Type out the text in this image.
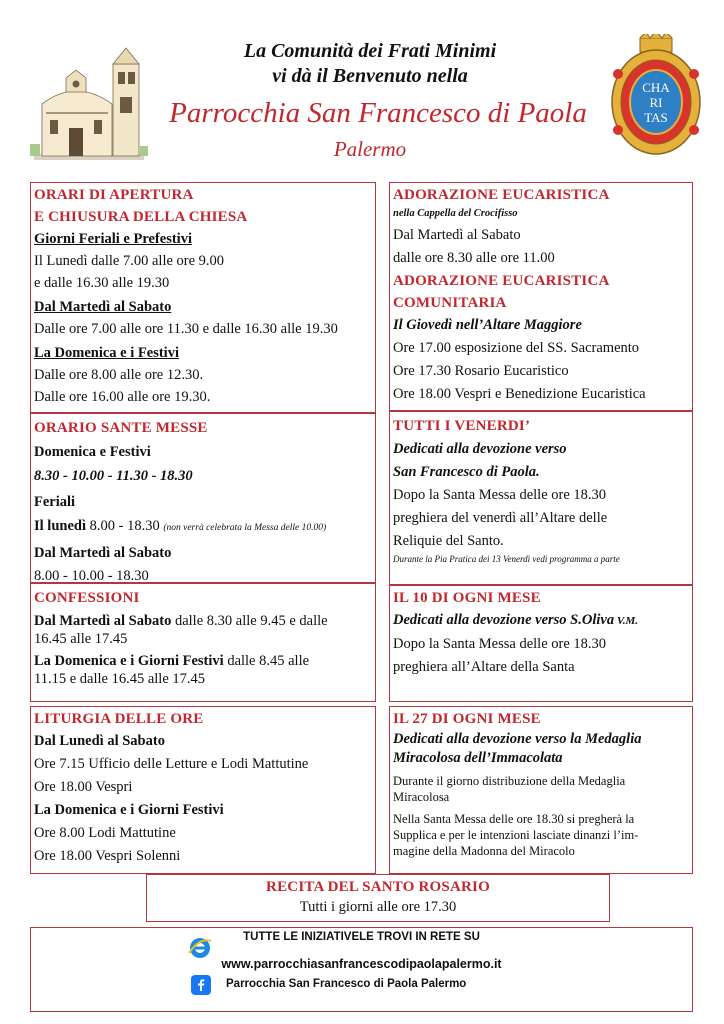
La Comunità dei Frati Minimi
vi dà il Benvenuto nella
Parrocchia San Francesco di Paola
Palermo
CHA
RI
TAS
ORARI DI APERTURA
E CHIUSURA DELLA CHIESA
Giorni Feriali e Prefestivi
Il Lunedì dalle 7.00 alle ore 9.00
e dalle 16.30 alle 19.30
Dal Martedì al Sabato
Dalle ore 7.00 alle ore 11.30 e dalle 16.30 alle 19.30
La Domenica e i Festivi
Dalle ore 8.00 alle ore 12.30.
Dalle ore 16.00 alle ore 19.30.
ORARIO SANTE MESSE
Domenica e Festivi
8.30 - 10.00 - 11.30 - 18.30
Feriali
Il lunedì 8.00 - 18.30 (non verrà celebrata la Messa delle 10.00)
Dal Martedì al Sabato
8.00 - 10.00 - 18.30
CONFESSIONI
Dal Martedì al Sabato dalle 8.30 alle 9.45 e dalle
16.45 alle 17.45
La Domenica e i Giorni Festivi dalle 8.45 alle
11.15 e dalle 16.45 alle 17.45
LITURGIA DELLE ORE
Dal Lunedì al Sabato
Ore 7.15 Ufficio delle Letture e Lodi Mattutine
Ore 18.00 Vespri
La Domenica e i Giorni Festivi
Ore 8.00 Lodi Mattutine
Ore 18.00 Vespri Solenni
ADORAZIONE EUCARISTICA
nella Cappella del Crocifisso
Dal Martedì al Sabato
dalle ore 8.30 alle ore 11.00
ADORAZIONE EUCARISTICA
COMUNITARIA
Il Giovedì nell’Altare Maggiore
Ore 17.00 esposizione del SS. Sacramento
Ore 17.30 Rosario Eucaristico
Ore 18.00 Vespri e Benedizione Eucaristica
TUTTI I VENERDI’
Dedicati alla devozione verso
San Francesco di Paola.
Dopo la Santa Messa delle ore 18.30
preghiera del venerdì all’Altare delle
Reliquie del Santo.
Durante la Pia Pratica dei 13 Venerdì vedi programma a parte
IL 10 DI OGNI MESE
Dedicati alla devozione verso S.Oliva V.M.
Dopo la Santa Messa delle ore 18.30
preghiera all’Altare della Santa
IL 27 DI OGNI MESE
Dedicati alla devozione verso la Medaglia
Miracolosa dell’Immacolata
Durante il giorno distribuzione della Medaglia
Miracolosa
Nella Santa Messa delle ore 18.30 si pregherà la
Supplica e per le intenzioni lasciate dinanzi l’im-
magine della Madonna del Miracolo
RECITA DEL SANTO ROSARIO
Tutti i giorni alle ore 17.30
TUTTE LE INIZIATIVELE TROVI IN RETE SU
www.parrocchiasanfrancescodipaolapalermo.it
Parrocchia San Francesco di Paola Palermo
